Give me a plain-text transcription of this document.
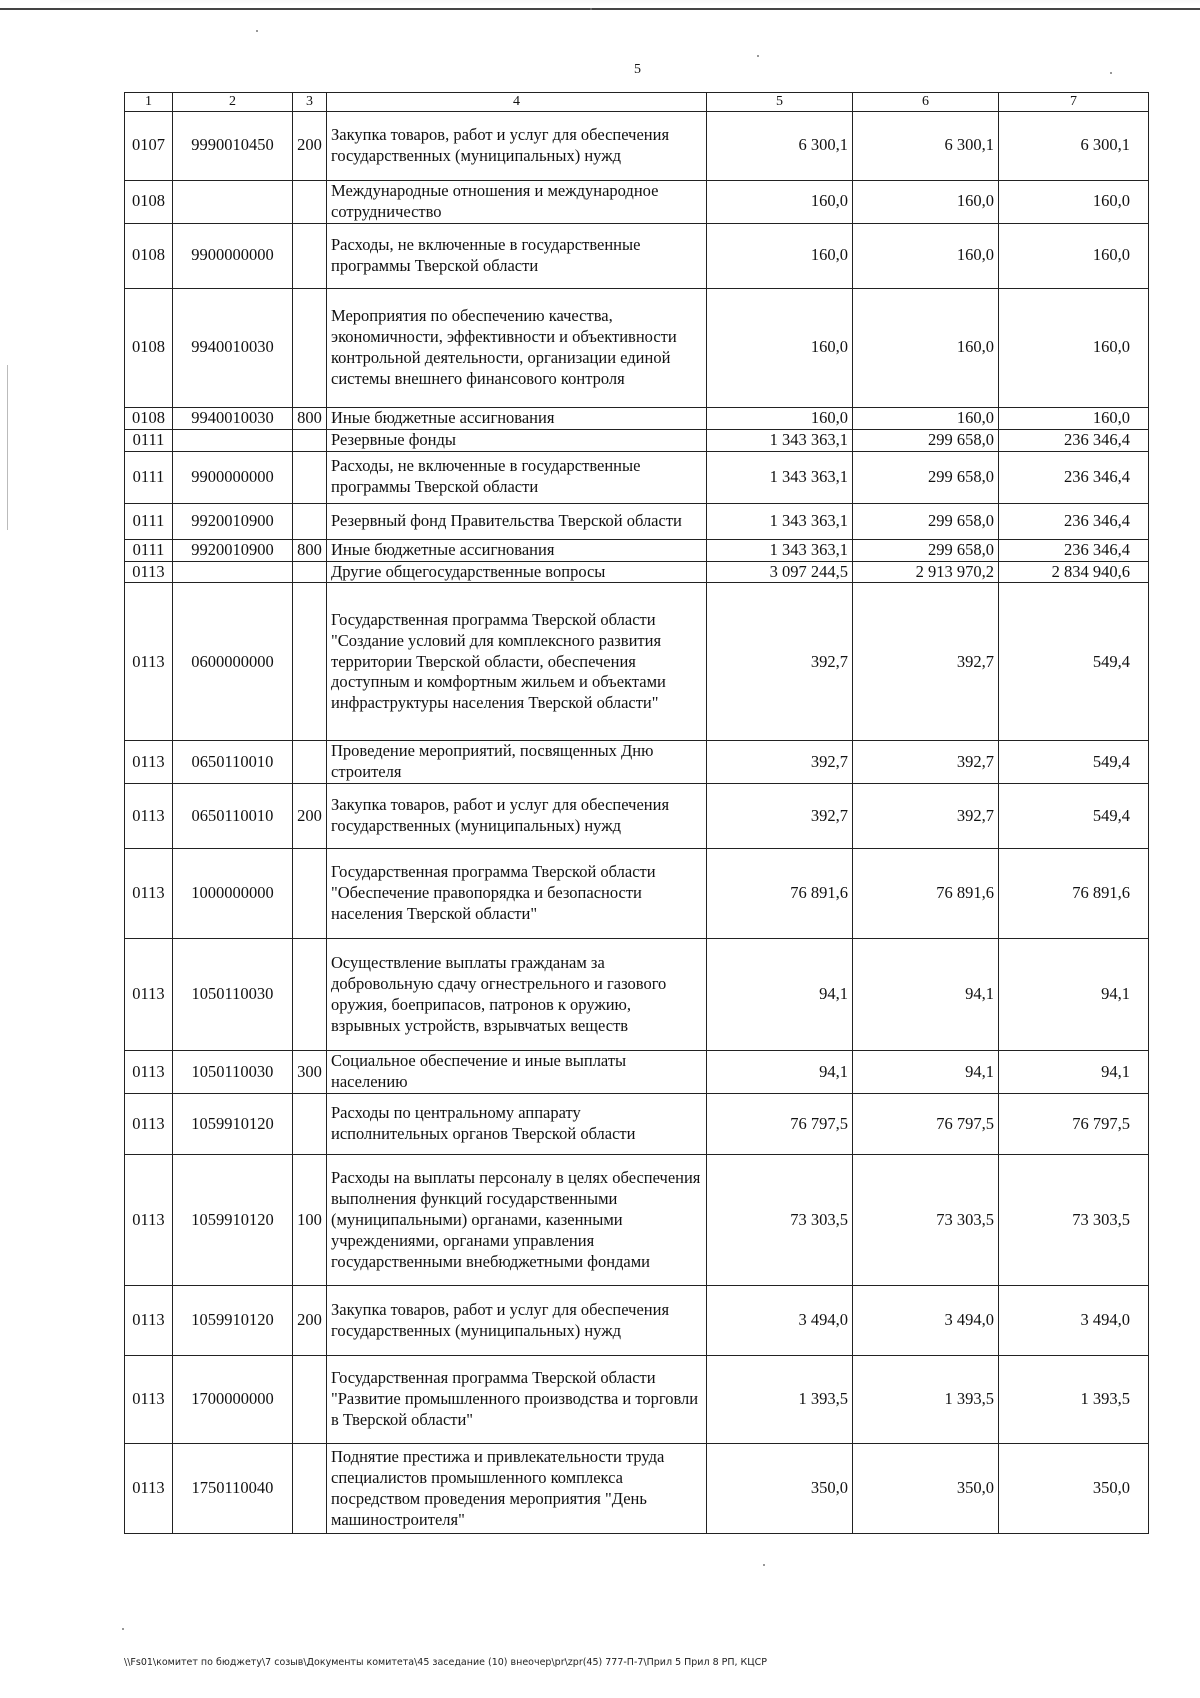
5
1	2	3	4	5	6	7
0107	9990010450	200	Закупка товаров, работ и услуг для обеспечения государственных (муниципальных) нужд	6 300,1	6 300,1	6 300,1
0108			Международные отношения и международное сотрудничество	160,0	160,0	160,0
0108	9900000000		Расходы, не включенные в государственные программы Тверской области	160,0	160,0	160,0
0108	9940010030		Мероприятия по обеспечению качества, экономичности, эффективности и объективности контрольной деятельности, организации единой системы внешнего финансового контроля	160,0	160,0	160,0
0108	9940010030	800	Иные бюджетные ассигнования	160,0	160,0	160,0
0111			Резервные фонды	1 343 363,1	299 658,0	236 346,4
0111	9900000000		Расходы, не включенные в государственные программы Тверской области	1 343 363,1	299 658,0	236 346,4
0111	9920010900		Резервный фонд Правительства Тверской области	1 343 363,1	299 658,0	236 346,4
0111	9920010900	800	Иные бюджетные ассигнования	1 343 363,1	299 658,0	236 346,4
0113			Другие общегосударственные вопросы	3 097 244,5	2 913 970,2	2 834 940,6
0113	0600000000		Государственная программа Тверской области "Создание условий для комплексного развития территории Тверской области, обеспечения доступным и комфортным жильем и объектами инфраструктуры населения Тверской области"	392,7	392,7	549,4
0113	0650110010		Проведение мероприятий, посвященных Дню строителя	392,7	392,7	549,4
0113	0650110010	200	Закупка товаров, работ и услуг для обеспечения государственных (муниципальных) нужд	392,7	392,7	549,4
0113	1000000000		Государственная программа Тверской области "Обеспечение правопорядка и безопасности населения Тверской области"	76 891,6	76 891,6	76 891,6
0113	1050110030		Осуществление выплаты гражданам за добровольную сдачу огнестрельного и газового оружия, боеприпасов, патронов к оружию, взрывных устройств, взрывчатых веществ	94,1	94,1	94,1
0113	1050110030	300	Социальное обеспечение и иные выплаты населению	94,1	94,1	94,1
0113	1059910120		Расходы по центральному аппарату исполнительных органов Тверской области	76 797,5	76 797,5	76 797,5
0113	1059910120	100	Расходы на выплаты персоналу в целях обеспечения выполнения функций государственными (муниципальными) органами, казенными учреждениями, органами управления государственными внебюджетными фондами	73 303,5	73 303,5	73 303,5
0113	1059910120	200	Закупка товаров, работ и услуг для обеспечения государственных (муниципальных) нужд	3 494,0	3 494,0	3 494,0
0113	1700000000		Государственная программа Тверской области "Развитие промышленного производства и торговли в Тверской области"	1 393,5	1 393,5	1 393,5
0113	1750110040		Поднятие престижа и привлекательности труда специалистов промышленного комплекса посредством проведения мероприятия "День машиностроителя"	350,0	350,0	350,0
\\Fs01\комитет по бюджету\7 созыв\Документы комитета\45 заседание (10) внеочер\pr\zpr(45) 777-П-7\Прил 5 Прил 8 РП, КЦСР
